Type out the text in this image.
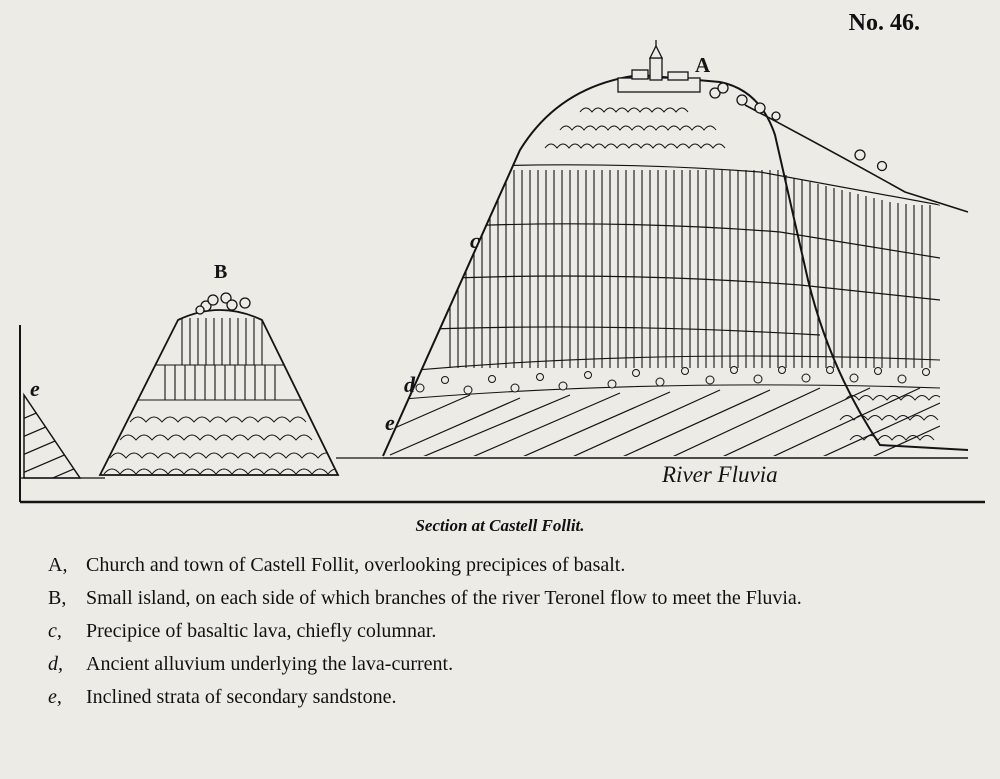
No. 46.
A
B
c
d
e
e
River Fluvia
Section at Castell Follit.
A, Church and town of Castell Follit, overlooking precipices of basalt.
B, Small island, on each side of which branches of the river Teronel flow to meet the Fluvia.
c,	Precipice of basaltic lava, chiefly columnar.
d,	Ancient alluvium underlying the lava-current.
e,	Inclined strata of secondary sandstone.
